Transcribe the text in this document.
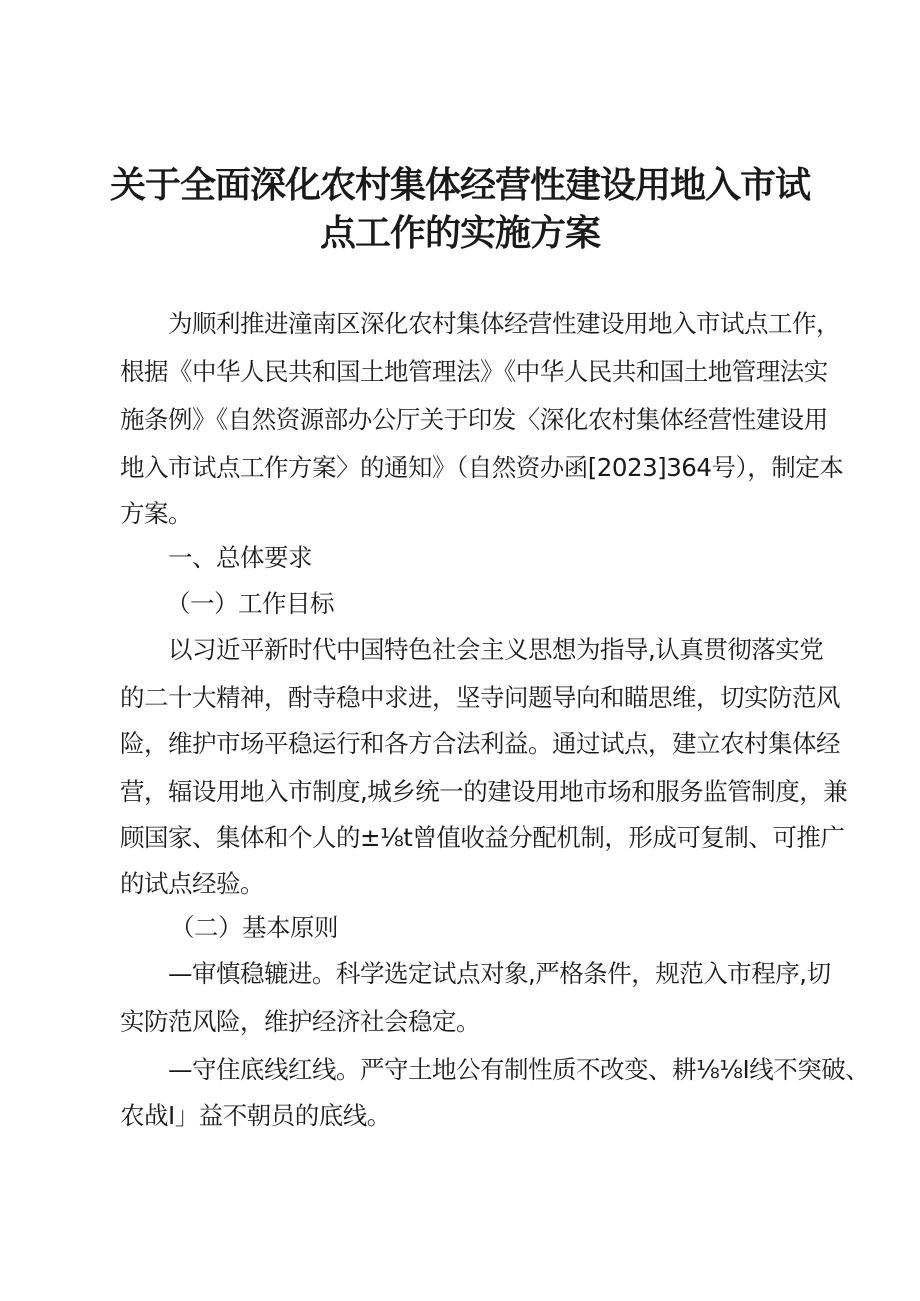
关于全面深化农村集体经营性建设用地入市试
点工作的实施方案
为顺利推进潼南区深化农村集体经营性建设用地入市试点工作，
根据《中华人民共和国土地管理法》《中华人民共和国土地管理法实
施条例》《自然资源部办公厅关于印发〈深化农村集体经营性建设用
地入市试点工作方案〉的通知》（自然资办函[2023]364号），制定本
方案。
一、总体要求
（一）工作目标
以习近平新时代中国特色社会主义思想为指导,认真贯彻落实党
的二十大精神，酎寺稳中求进，坚寺问题导向和瞄思维，切实防范风
险，维护市场平稳运行和各方合法利益。通过试点，建立农村集体经
营，辐设用地入市制度,城乡统一的建设用地市场和服务监管制度，兼
顾国家、集体和个人的±⅛t曾值收益分配机制，形成可复制、可推广
的试点经验。
（二）基本原则
—审慎稳辘进。科学选定试点对象,严格条件，规范入市程序,切
实防范风险，维护经济社会稳定。
—守住底线红线。严守土地公有制性质不改变、耕⅛⅛I线不突破、
农战I」益不朝员的底线。
